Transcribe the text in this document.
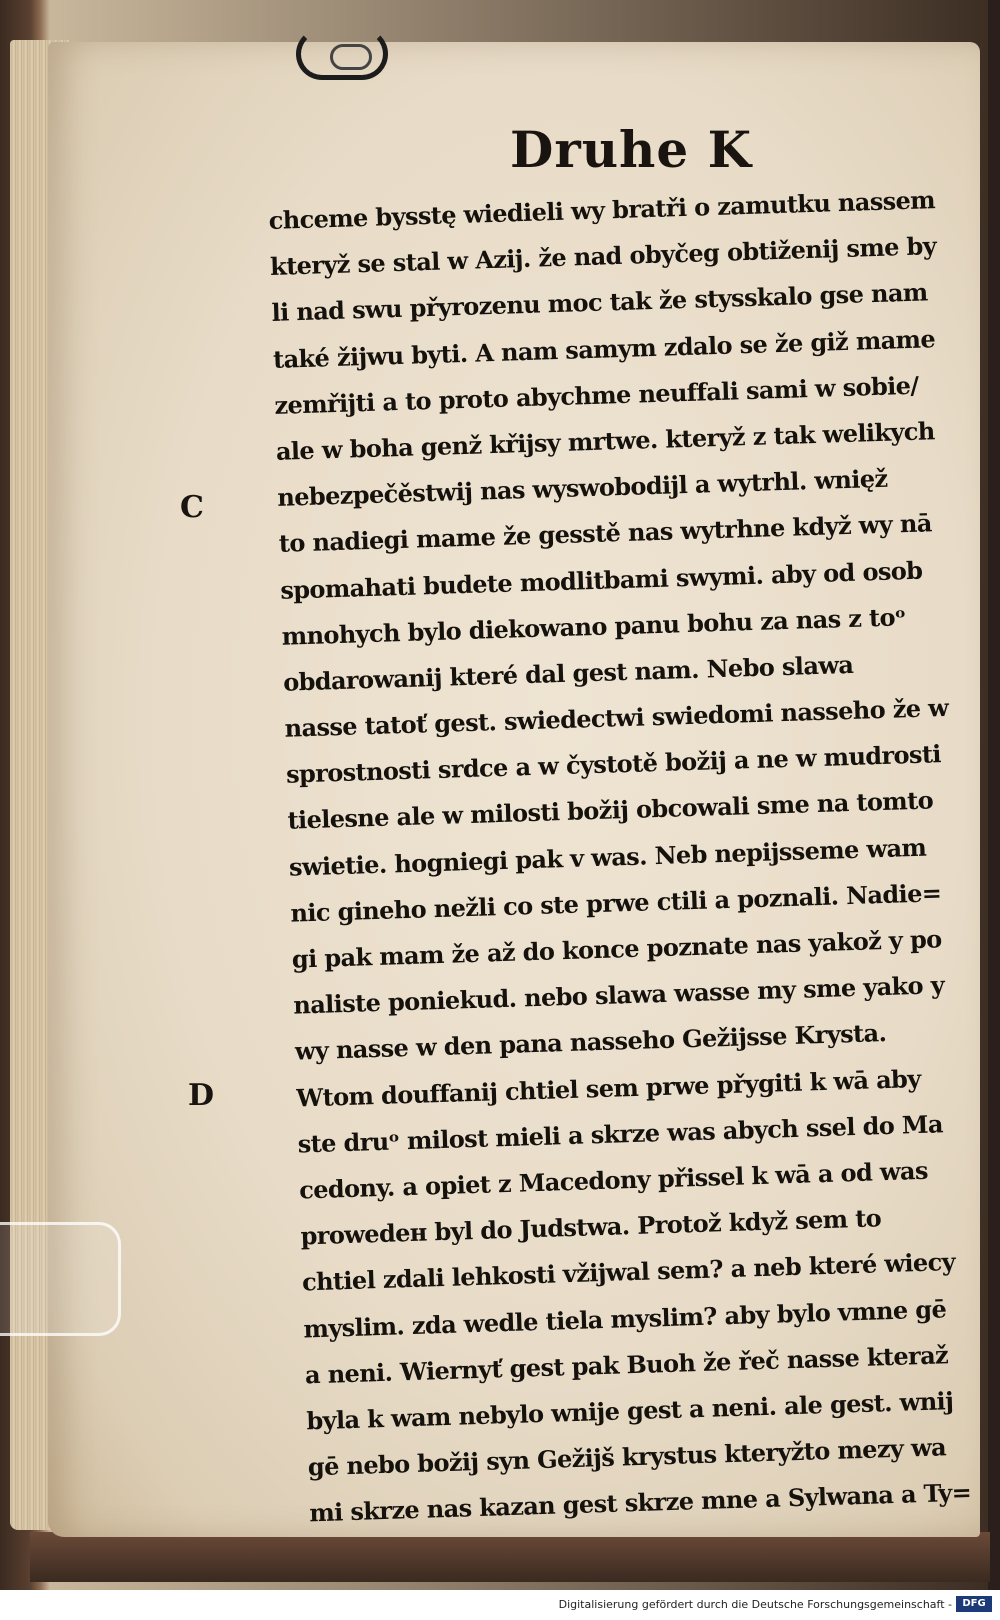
Druhe K
C
D
chceme bysstę wiedieli wy bratři o zamutku nassem
kteryž se stal w Azij. že nad obyčeg obtiženij sme by
li nad swu přyrozenu moc tak že stysskalo gse nam
také žijwu byti. A nam samym zdalo se že giž mame
zemřijti a to proto abychme neuffali sami w sobie/
ale w boha genž křijsy mrtwe. kteryž z tak welikych
nebezpečěstwij nas wyswobodijl a wytrhl. wnięž
to nadiegi mame že gesstě nas wytrhne když wy nā
spomahati budete modlitbami swymi. aby od osob
mnohych bylo diekowano panu bohu za nas z toᵒ
obdarowanij které dal gest nam. Nebo slawa
nasse tatoť gest. swiedectwi swiedomi nasseho že w
sprostnosti srdce a w čystotě božij a ne w mudrosti
tielesne ale w milosti božij obcowali sme na tomto
swietie. hogniegi pak v was. Neb nepijssеme wam
nic gineho nežli co ste prwe ctili a poznali. Nadie=
gi pak mam že až do konce poznate nas yakož y po
naliste poniekud. nebo slawa wasse my sme yako y
wy nasse w den pana nasseho Gežijsse Krysta.
Wtom douffanij chtiel sem prwe přygiti k wā aby
ste druᵒ milost mieli a skrze was abych ssel do Ma
cedony. a opiet z Macedony přissel k wā a od was
prowedeн byl do Judstwa. Protož když sem to
chtiel zdali lehkosti vžijwal sem? a neb které wiecy
myslim. zda wedle tiela myslim? aby bylo vmne gē
a neni. Wiernyť gest pak Buoh že řeč nasse kteraž
byla k wam nebylo wnije gest a neni. ale gest. wnij
gē nebo božij syn Gežijš krystus kteryžto mezy wa
mi skrze nas kazan gest skrze mne a Sylwana a Ty=
Digitalisierung gefördert durch die Deutsche Forschungsgemeinschaft -	DFG
